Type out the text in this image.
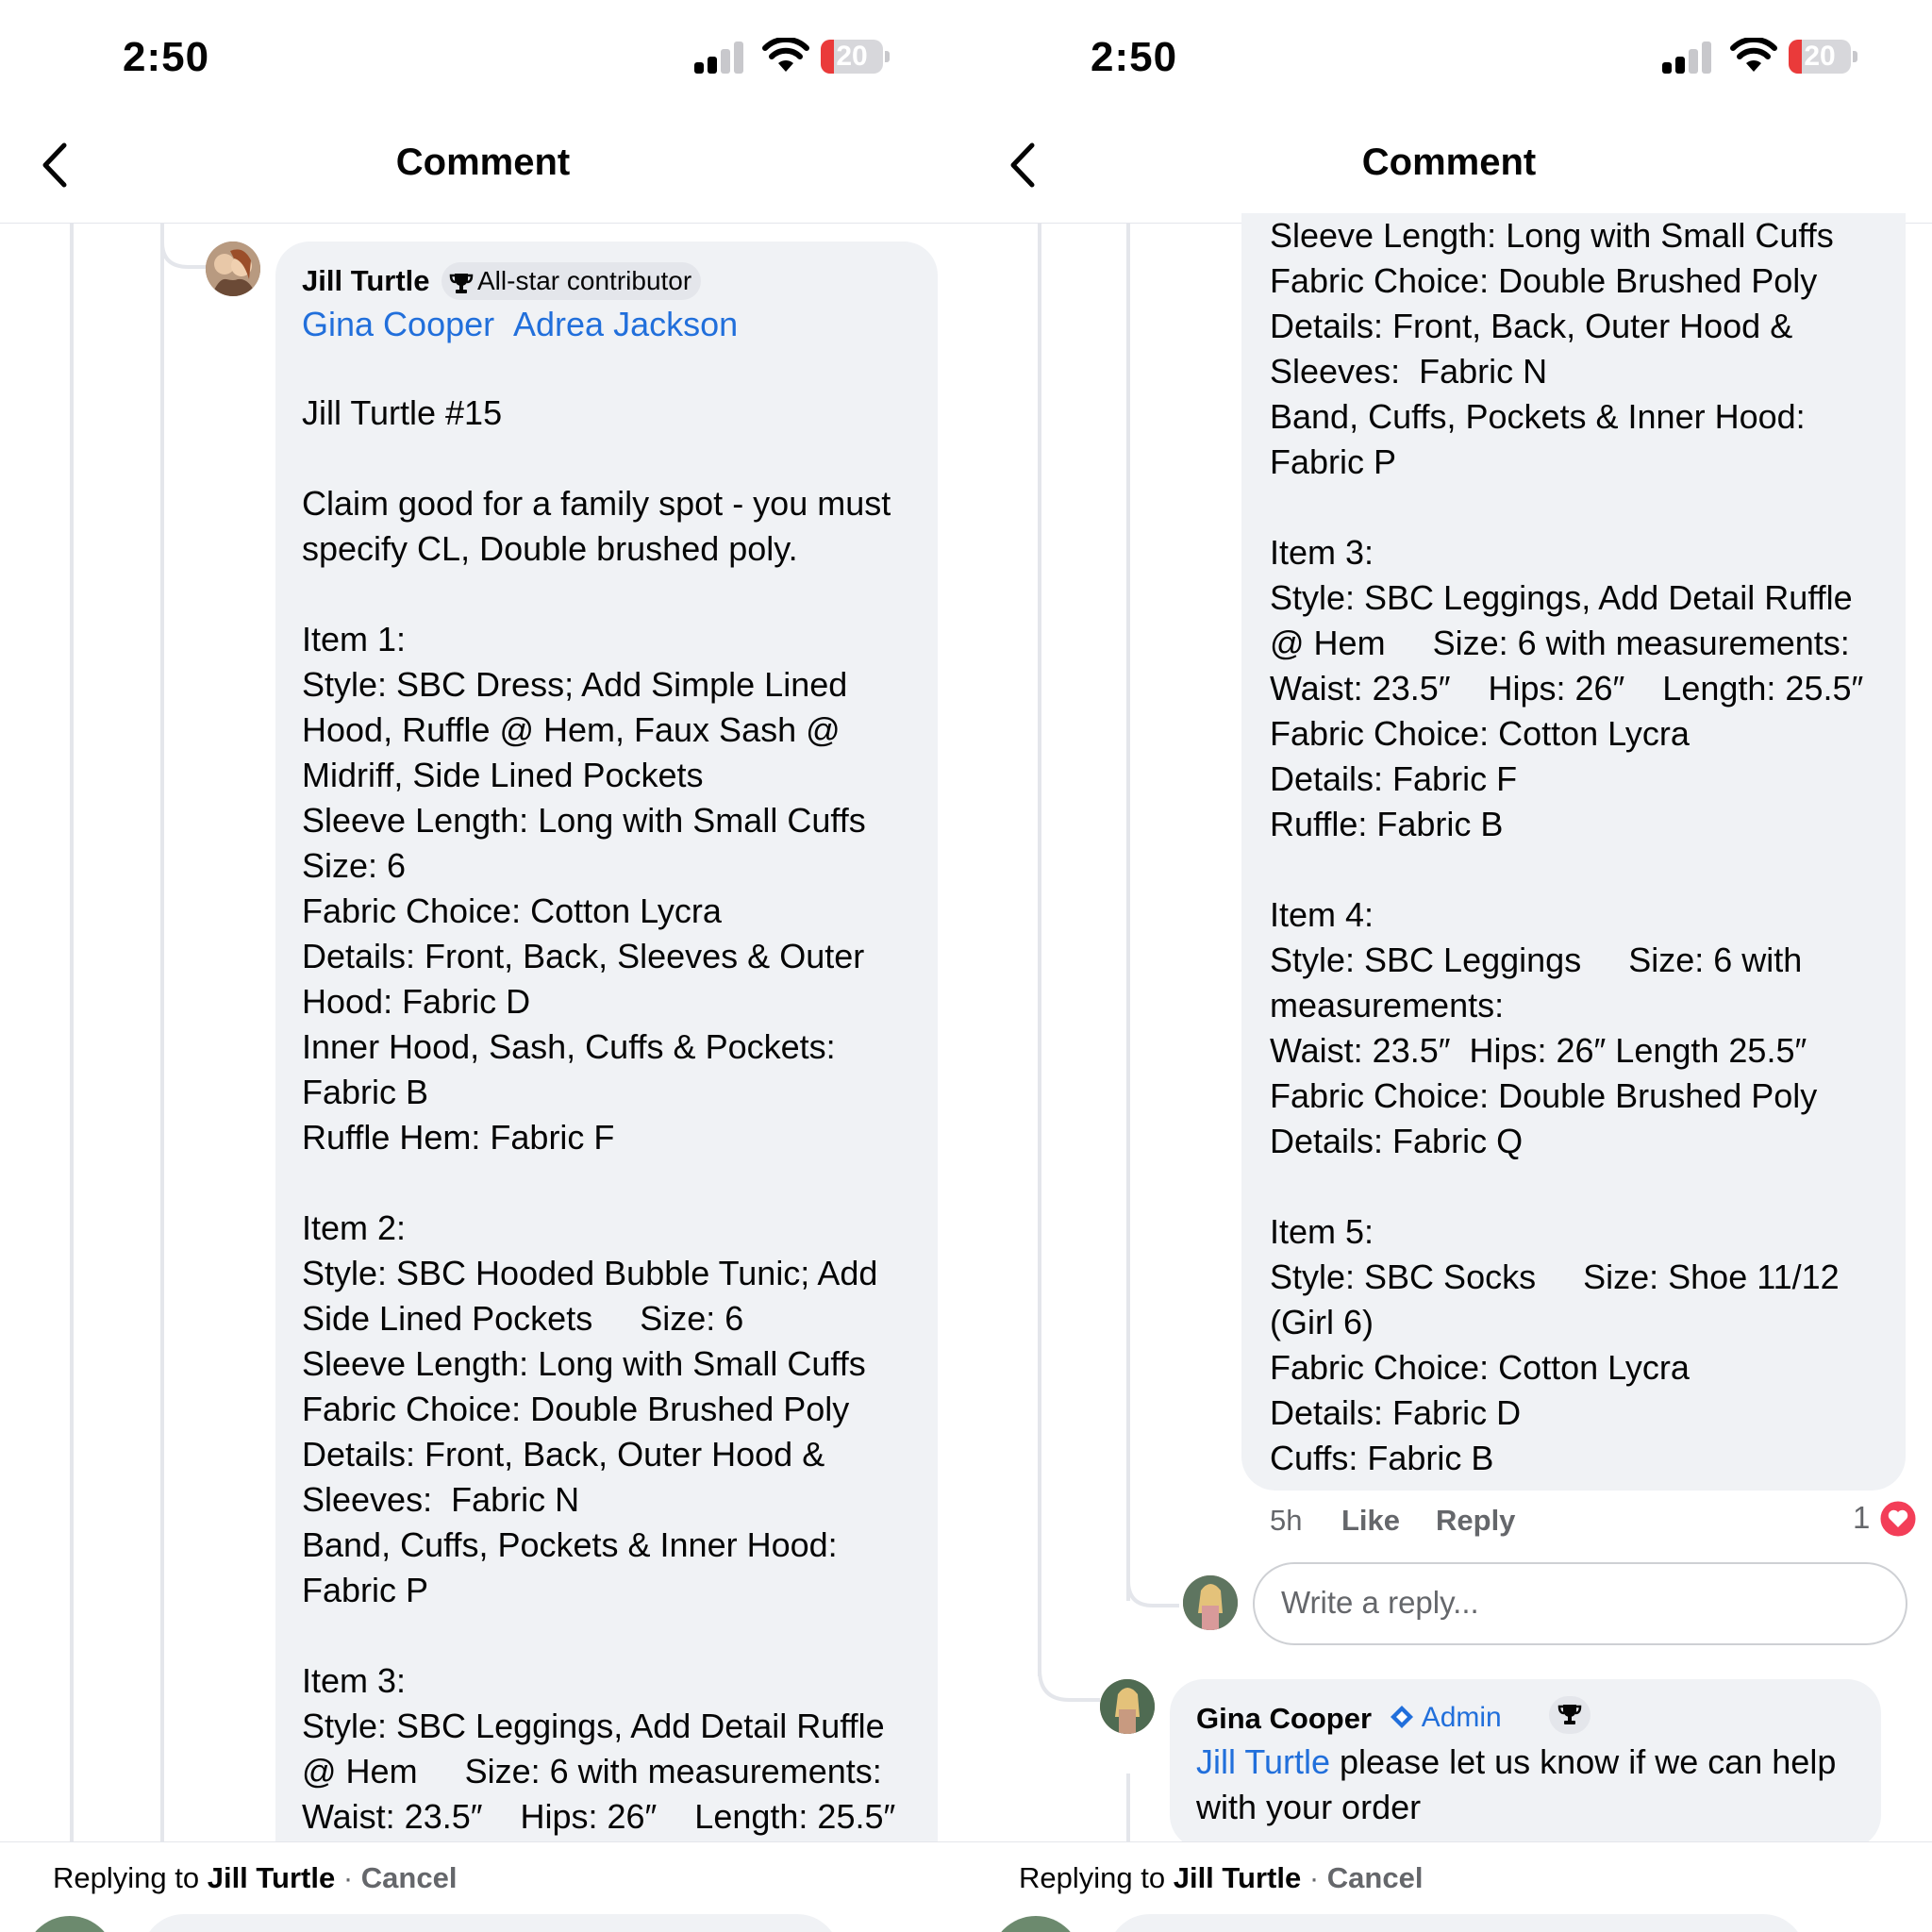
2:50	20
Comment
Jill Turtle	All-star contributor
Gina Cooper Adrea Jackson
Jill Turtle #15

Claim good for a family spot - you must
specify CL, Double brushed poly.

Item 1:
Style: SBC Dress; Add Simple Lined
Hood, Ruffle @ Hem, Faux Sash @
Midriff, Side Lined Pockets
Sleeve Length: Long with Small Cuffs
Size: 6
Fabric Choice: Cotton Lycra
Details: Front, Back, Sleeves & Outer
Hood: Fabric D
Inner Hood, Sash, Cuffs & Pockets:
Fabric B
Ruffle Hem: Fabric F

Item 2:
Style: SBC Hooded Bubble Tunic; Add
Side Lined Pockets     Size: 6
Sleeve Length: Long with Small Cuffs
Fabric Choice: Double Brushed Poly
Details: Front, Back, Outer Hood &
Sleeves:  Fabric N
Band, Cuffs, Pockets & Inner Hood:
Fabric P

Item 3:
Style: SBC Leggings, Add Detail Ruffle
@ Hem     Size: 6 with measurements:
Waist: 23.5″    Hips: 26″    Length: 25.5″
Replying to Jill Turtle · Cancel
2:50	20
Comment
Sleeve Length: Long with Small Cuffs
Fabric Choice: Double Brushed Poly
Details: Front, Back, Outer Hood &
Sleeves:  Fabric N
Band, Cuffs, Pockets & Inner Hood:
Fabric P

Item 3:
Style: SBC Leggings, Add Detail Ruffle
@ Hem     Size: 6 with measurements:
Waist: 23.5″    Hips: 26″    Length: 25.5″
Fabric Choice: Cotton Lycra
Details: Fabric F
Ruffle: Fabric B

Item 4:
Style: SBC Leggings     Size: 6 with
measurements:
Waist: 23.5″  Hips: 26″ Length 25.5″
Fabric Choice: Double Brushed Poly
Details: Fabric Q

Item 5:
Style: SBC Socks     Size: Shoe 11/12
(Girl 6)
Fabric Choice: Cotton Lycra
Details: Fabric D
Cuffs: Fabric B
5h Like Reply	1
Write a reply...
Gina Cooper	Admin
Jill Turtle please let us know if we can help
with your order
Replying to Jill Turtle · Cancel
